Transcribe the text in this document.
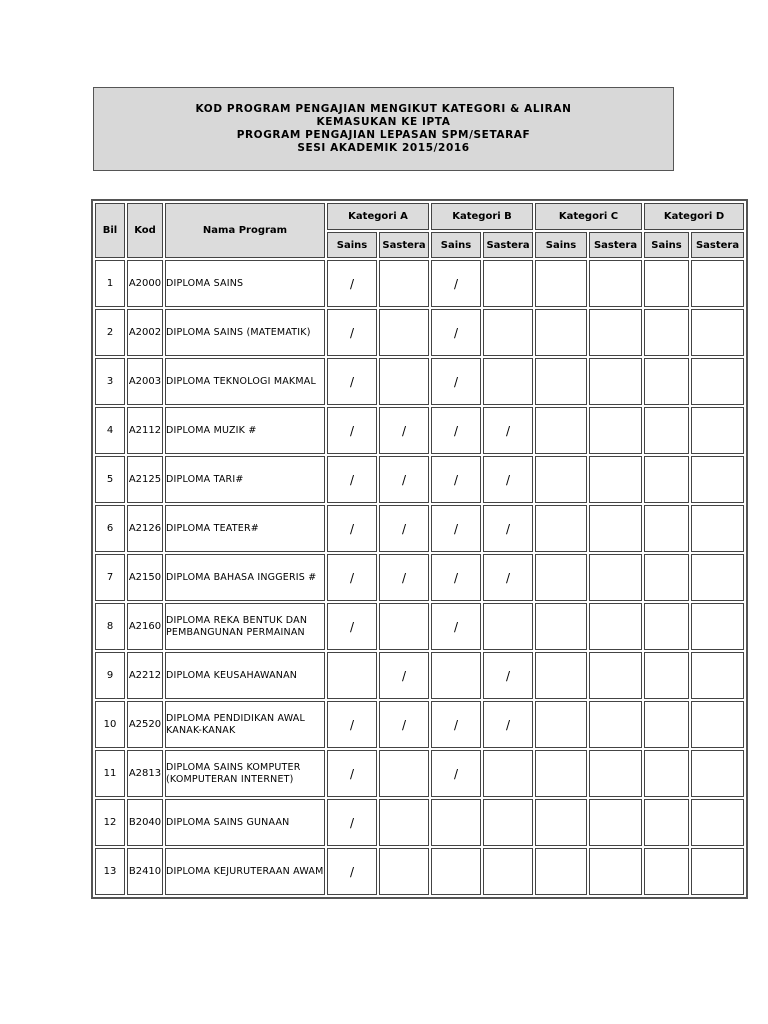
KOD PROGRAM PENGAJIAN MENGIKUT KATEGORI & ALIRAN
KEMASUKAN KE IPTA
PROGRAM PENGAJIAN LEPASAN SPM/SETARAF
SESI AKADEMIK 2015/2016
Bil	Kod	Nama Program	Kategori A		Kategori B		Kategori C		Kategori D	
			Sains	Sastera	Sains	Sastera	Sains	Sastera	Sains	Sastera
1	A2000	DIPLOMA SAINS	/		/					
2	A2002	DIPLOMA SAINS (MATEMATIK)	/		/					
3	A2003	DIPLOMA TEKNOLOGI MAKMAL	/		/					
4	A2112	DIPLOMA MUZIK #	/	/	/	/				
5	A2125	DIPLOMA TARI#	/	/	/	/				
6	A2126	DIPLOMA TEATER#	/	/	/	/				
7	A2150	DIPLOMA BAHASA INGGERIS #	/	/	/	/				
8	A2160	DIPLOMA REKA BENTUK DAN PEMBANGUNAN PERMAINAN	/		/					
9	A2212	DIPLOMA KEUSAHAWANAN		/		/				
10	A2520	DIPLOMA PENDIDIKAN AWAL KANAK-KANAK	/	/	/	/				
11	A2813	DIPLOMA SAINS KOMPUTER (KOMPUTERAN INTERNET)	/		/					
12	B2040	DIPLOMA SAINS GUNAAN	/							
13	B2410	DIPLOMA KEJURUTERAAN AWAM	/							
